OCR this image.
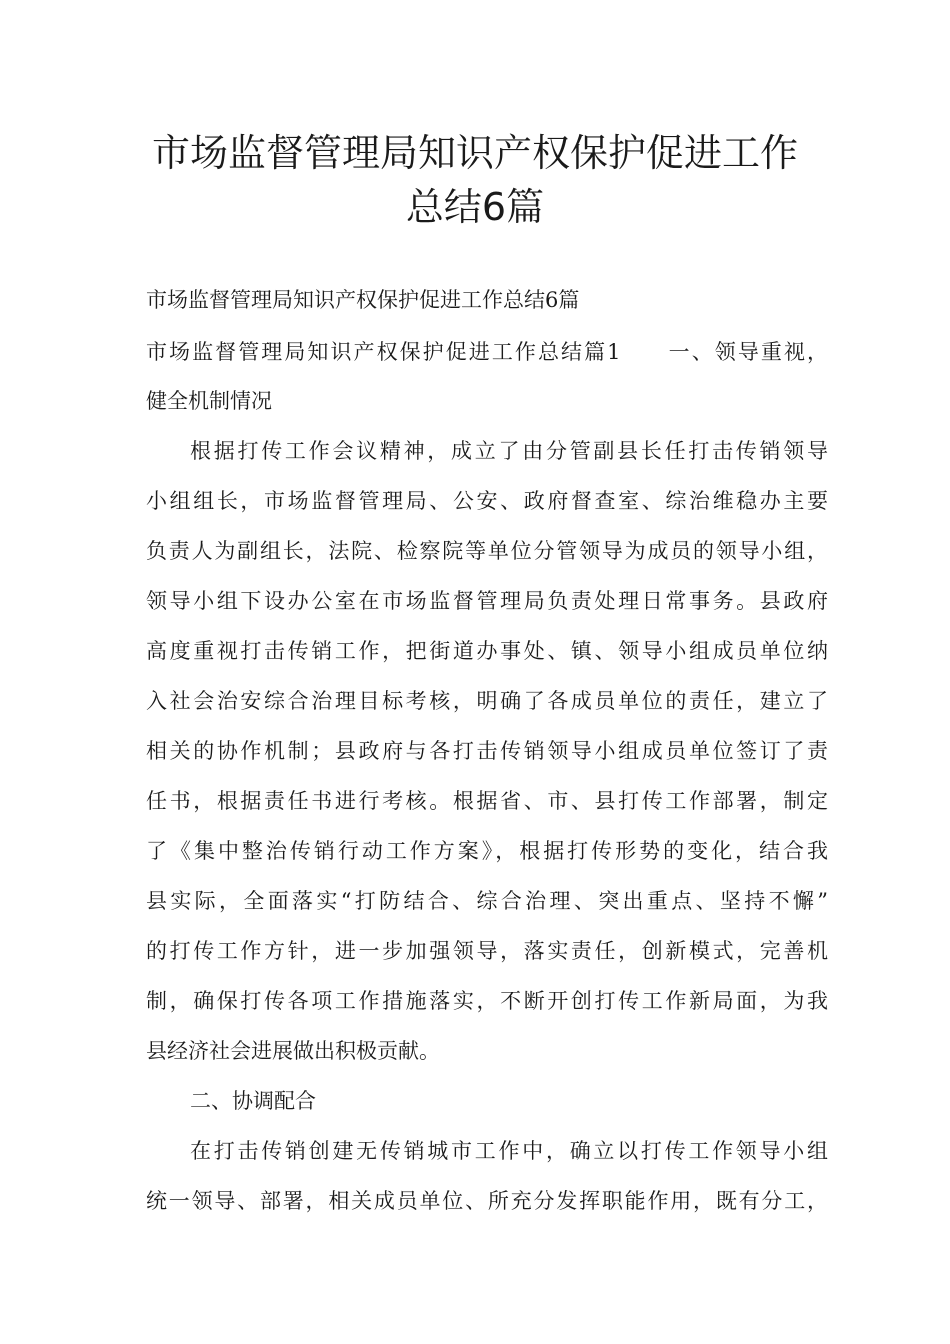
市场监督管理局知识产权保护促进工作
总结6篇
市场监督管理局知识产权保护促进工作总结6篇
市场监督管理局知识产权保护促进工作总结篇1　　一、领导重视，
健全机制情况
根据打传工作会议精神，成立了由分管副县长任打击传销领导
小组组长，市场监督管理局、公安、政府督查室、综治维稳办主要
负责人为副组长，法院、检察院等单位分管领导为成员的领导小组，
领导小组下设办公室在市场监督管理局负责处理日常事务。县政府
高度重视打击传销工作，把街道办事处、镇、领导小组成员单位纳
入社会治安综合治理目标考核，明确了各成员单位的责任，建立了
相关的协作机制；县政府与各打击传销领导小组成员单位签订了责
任书，根据责任书进行考核。根据省、市、县打传工作部署，制定
了《集中整治传销行动工作方案》，根据打传形势的变化，结合我
县实际，全面落实“打防结合、综合治理、突出重点、坚持不懈”
的打传工作方针，进一步加强领导，落实责任，创新模式，完善机
制，确保打传各项工作措施落实，不断开创打传工作新局面，为我
县经济社会进展做出积极贡献。
二、协调配合
在打击传销创建无传销城市工作中，确立以打传工作领导小组
统一领导、部署，相关成员单位、所充分发挥职能作用，既有分工，
